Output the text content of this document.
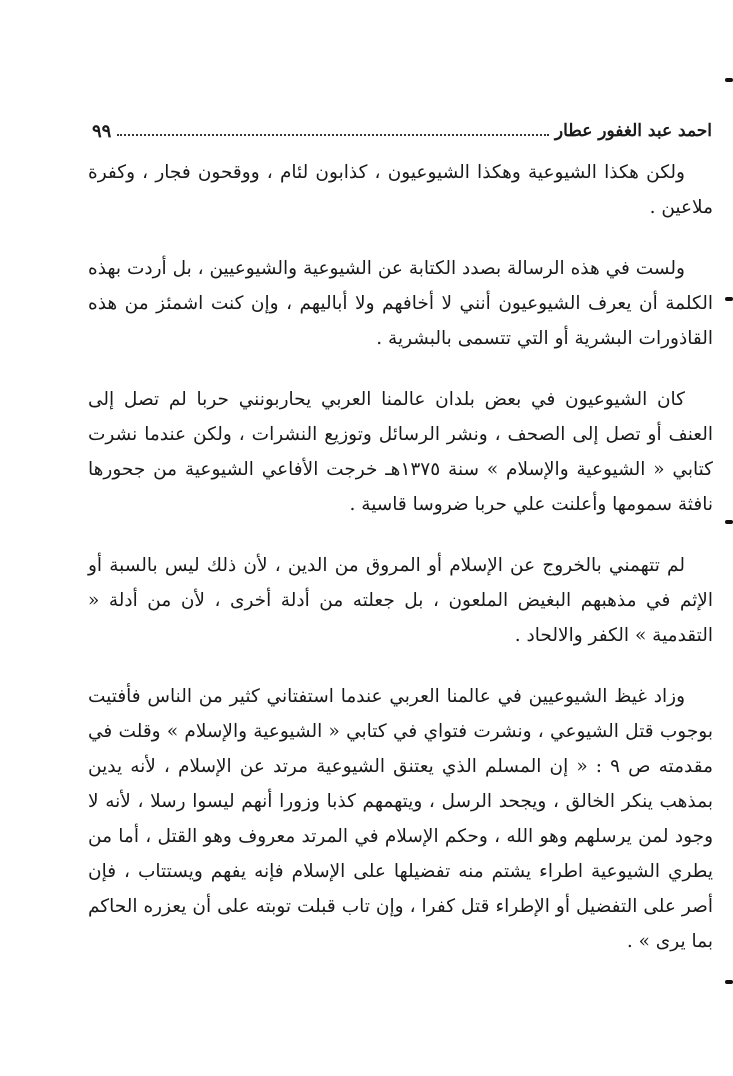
احمد عبد الغفور عطار
٩٩

ولكن هكذا الشيوعية وهكذا الشيوعيون ، كذابون لئام ، ووقحون فجار ، وكفرة ملاعين .

ولست في هذه الرسالة بصدد الكتابة عن الشيوعية والشيوعيين ، بل أردت بهذه الكلمة أن يعرف الشيوعيون أنني لا أخافهم ولا أباليهم ، وإن كنت اشمئز من هذه القاذورات البشرية أو التي تتسمى بالبشرية .

كان الشيوعيون في بعض بلدان عالمنا العربي يحاربونني حربا لم تصل إلى العنف أو تصل إلى الصحف ، ونشر الرسائل وتوزيع النشرات ، ولكن عندما نشرت كتابي « الشيوعية والإسلام » سنة ١٣٧٥هـ خرجت الأفاعي الشيوعية من جحورها نافثة سمومها وأعلنت علي حربا ضروسا قاسية .

لم تتهمني بالخروج عن الإسلام أو المروق من الدين ، لأن ذلك ليس بالسبة أو الإثم في مذهبهم البغيض الملعون ، بل جعلته من أدلة أخرى ، لأن من أدلة « التقدمية » الكفر والالحاد .

وزاد غيظ الشيوعيين في عالمنا العربي عندما استفتاني كثير من الناس فأفتيت بوجوب قتل الشيوعي ، ونشرت فتواي في كتابي « الشيوعية والإسلام » وقلت في مقدمته ص ٩ : « إن المسلم الذي يعتنق الشيوعية مرتد عن الإسلام ، لأنه يدين بمذهب ينكر الخالق ، ويجحد الرسل ، ويتهمهم كذبا وزورا أنهم ليسوا رسلا ، لأنه لا وجود لمن يرسلهم وهو الله ، وحكم الإسلام في المرتد معروف وهو القتل ، أما من يطري الشيوعية اطراء يشتم منه تفضيلها على الإسلام فإنه يفهم ويستتاب ، فإن أصر على التفضيل أو الإطراء قتل كفرا ، وإن تاب قبلت توبته على أن يعزره الحاكم بما يرى » .
